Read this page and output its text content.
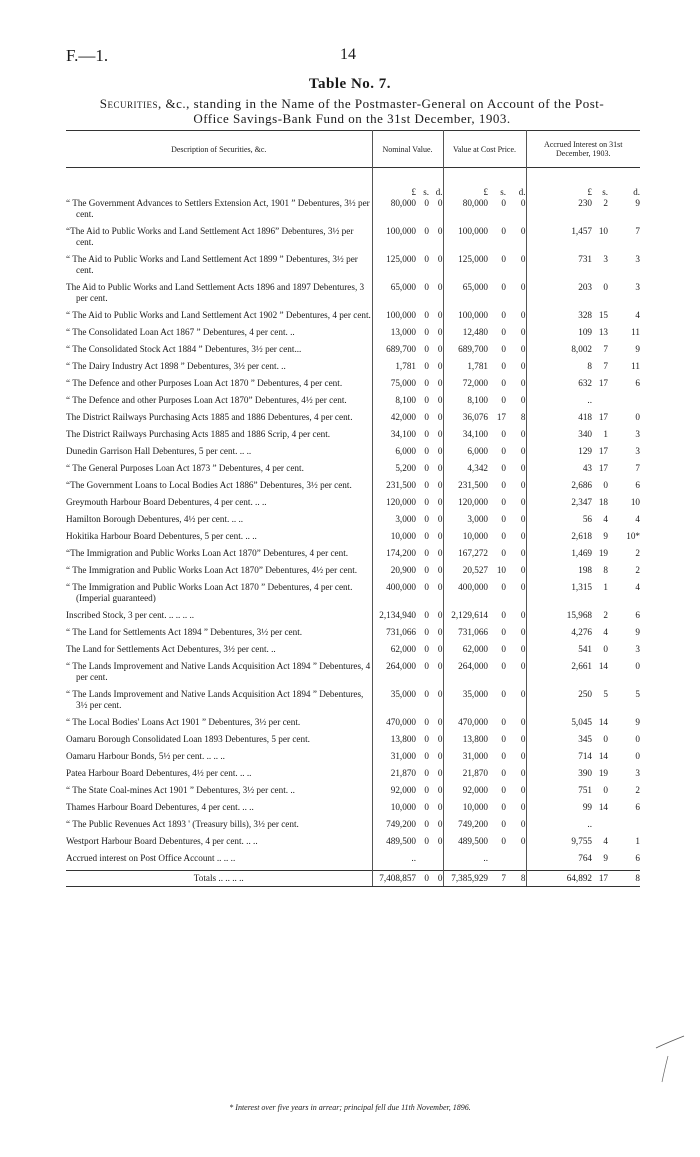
F.—1.	14
Table No. 7.
Securities, &c., standing in the Name of the Postmaster-General on Account of the Post-
Office Savings-Bank Fund on the 31st December, 1903.
Description of Securities, &c.	Nominal Value.			Value at Cost Price.			Accrued Interest on 31st December, 1903.		
	£	s.	d.	£	s.	d.	£	s.	d.

“ The Government Advances to Settlers Extension Act, 1901 ” Debentures, 3½ per cent.	80,000	0	0	80,000	0	0	230	2	9

“The Aid to Public Works and Land Settlement Act 1896” Debentures, 3½ per cent.	100,000	0	0	100,000	0	0	1,457	10	7

“ The Aid to Public Works and Land Settlement Act 1899 ” Debentures, 3½ per cent.	125,000	0	0	125,000	0	0	731	3	3

The Aid to Public Works and Land Settlement Acts 1896 and 1897 Debentures, 3 per cent.	65,000	0	0	65,000	0	0	203	0	3

“ The Aid to Public Works and Land Settlement Act 1902 ” Debentures, 4 per cent.	100,000	0	0	100,000	0	0	328	15	4

“ The Consolidated Loan Act 1867 ” Debentures, 4 per cent. ..	13,000	0	0	12,480	0	0	109	13	11

“ The Consolidated Stock Act 1884 ” Debentures, 3½ per cent...	689,700	0	0	689,700	0	0	8,002	7	9

“ The Dairy Industry Act 1898 ” Debentures, 3½ per cent. ..	1,781	0	0	1,781	0	0	8	7	11

“ The Defence and other Purposes Loan Act 1870 ” Debentures, 4 per cent.	75,000	0	0	72,000	0	0	632	17	6

“ The Defence and other Purposes Loan Act 1870” Debentures, 4½ per cent.	8,100	0	0	8,100	0	0	..		

The District Railways Purchasing Acts 1885 and 1886 Debentures, 4 per cent.	42,000	0	0	36,076	17	8	418	17	0

The District Railways Purchasing Acts 1885 and 1886 Scrip, 4 per cent.	34,100	0	0	34,100	0	0	340	1	3

Dunedin Garrison Hall Debentures, 5 per cent. .. ..	6,000	0	0	6,000	0	0	129	17	3

“ The General Purposes Loan Act 1873 ” Debentures, 4 per cent.	5,200	0	0	4,342	0	0	43	17	7

“The Government Loans to Local Bodies Act 1886” Debentures, 3½ per cent.	231,500	0	0	231,500	0	0	2,686	0	6

Greymouth Harbour Board Debentures, 4 per cent. .. ..	120,000	0	0	120,000	0	0	2,347	18	10

Hamilton Borough Debentures, 4½ per cent. .. ..	3,000	0	0	3,000	0	0	56	4	4

Hokitika Harbour Board Debentures, 5 per cent. .. ..	10,000	0	0	10,000	0	0	2,618	9	10*

“The Immigration and Public Works Loan Act 1870” Debentures, 4 per cent.	174,200	0	0	167,272	0	0	1,469	19	2

“ The Immigration and Public Works Loan Act 1870” Debentures, 4½ per cent.	20,900	0	0	20,527	10	0	198	8	2

“ The Immigration and Public Works Loan Act 1870 ” Debentures, 4 per cent. (Imperial guaranteed)	400,000	0	0	400,000	0	0	1,315	1	4

Inscribed Stock, 3 per cent. .. .. .. ..	2,134,940	0	0	2,129,614	0	0	15,968	2	6

“ The Land for Settlements Act 1894 ” Debentures, 3½ per cent.	731,066	0	0	731,066	0	0	4,276	4	9

The Land for Settlements Act Debentures, 3½ per cent. ..	62,000	0	0	62,000	0	0	541	0	3

“ The Lands Improvement and Native Lands Acquisition Act 1894 ” Debentures, 4 per cent.	264,000	0	0	264,000	0	0	2,661	14	0

“ The Lands Improvement and Native Lands Acquisition Act 1894 ” Debentures, 3½ per cent.	35,000	0	0	35,000	0	0	250	5	5

“ The Local Bodies' Loans Act 1901 ” Debentures, 3½ per cent.	470,000	0	0	470,000	0	0	5,045	14	9

Oamaru Borough Consolidated Loan 1893 Debentures, 5 per cent.	13,800	0	0	13,800	0	0	345	0	0

Oamaru Harbour Bonds, 5½ per cent. .. .. ..	31,000	0	0	31,000	0	0	714	14	0

Patea Harbour Board Debentures, 4½ per cent. .. ..	21,870	0	0	21,870	0	0	390	19	3

“ The State Coal-mines Act 1901 ” Debentures, 3½ per cent. ..	92,000	0	0	92,000	0	0	751	0	2

Thames Harbour Board Debentures, 4 per cent. .. ..	10,000	0	0	10,000	0	0	99	14	6

“ The Public Revenues Act 1893 ' (Treasury bills), 3½ per cent.	749,200	0	0	749,200	0	0	..		

Westport Harbour Board Debentures, 4 per cent. .. ..	489,500	0	0	489,500	0	0	9,755	4	1

Accrued interest on Post Office Account .. .. ..	..			..			764	9	6
Totals .. .. .. ..	7,408,857	0	0	7,385,929	7	8	64,892	17	8
* Interest over five years in arrear; principal fell due 11th November, 1896.
